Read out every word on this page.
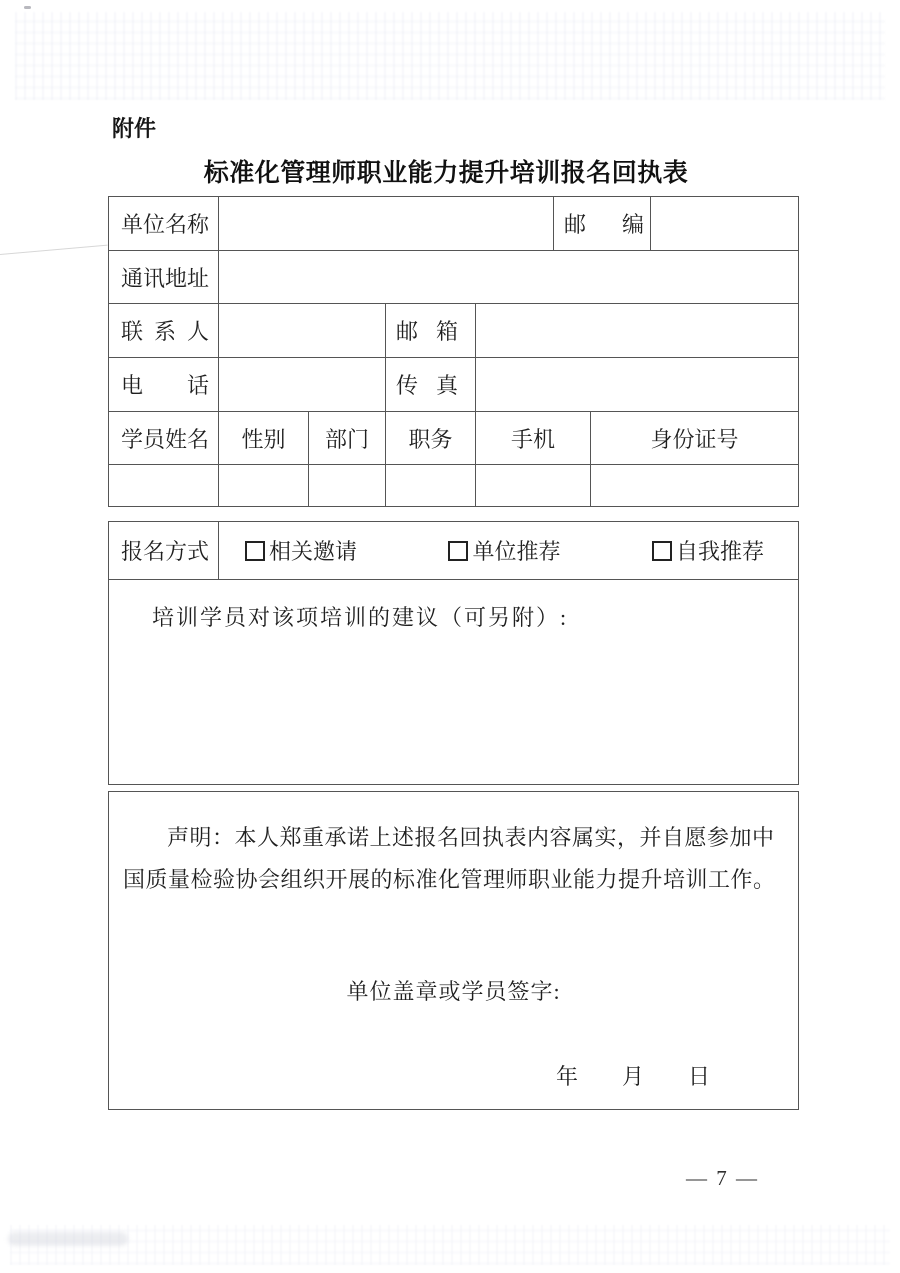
附件
标准化管理师职业能力提升培训报名回执表
单位名称	邮编
通讯地址
联系人	邮箱
电话	传真
学员姓名 性别 部门 职务	手机	身份证号
报名方式	相关邀请	单位推荐	自我推荐
培训学员对该项培训的建议（可另附）:

声明：本人郑重承诺上述报名回执表内容属实，并自愿参加中国质量检验协会组织开展的标准化管理师职业能力提升培训工作。

单位盖章或学员签字:
年　　月　　日
— 7 —
